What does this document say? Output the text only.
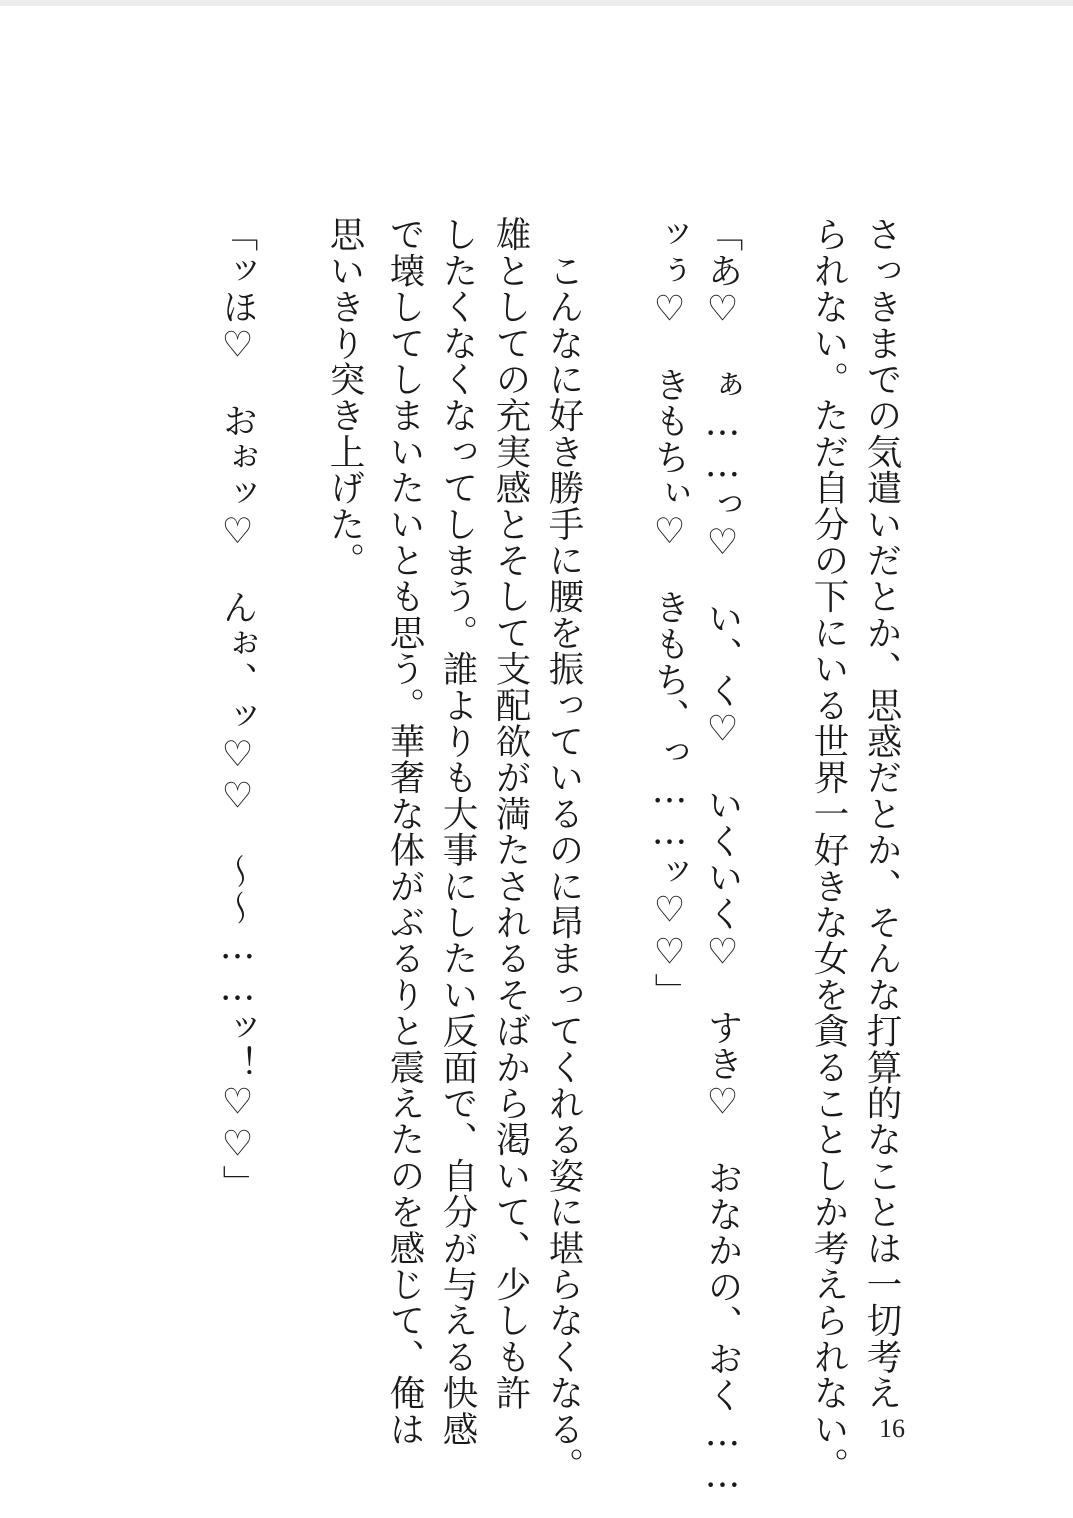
さっきまでの気遣いだとか、思惑だとか、そんな打算的なことは一切考え
られない。ただ自分の下にいる世界一好きな女を貪ることしか考えられない。
「あ♡　ぁ……っ♡　い、く♡　いくいく♡　すき♡　おなかの、おく……
ッぅ♡　きもちぃ♡　きもち、っ……ッ♡♡」
　こんなに好き勝手に腰を振っているのに昂まってくれる姿に堪らなくなる。
雄としての充実感とそして支配欲が満たされるそばから渇いて、少しも許
したくなくなってしまう。誰よりも大事にしたい反面で、自分が与える快感
で壊してしまいたいとも思う。華奢な体がぶるりと震えたのを感じて、俺は
思いきり突き上げた。
「ッほ♡　おぉッ♡　んぉ、ッ♡♡　〜〜……ッ！♡♡」
16
